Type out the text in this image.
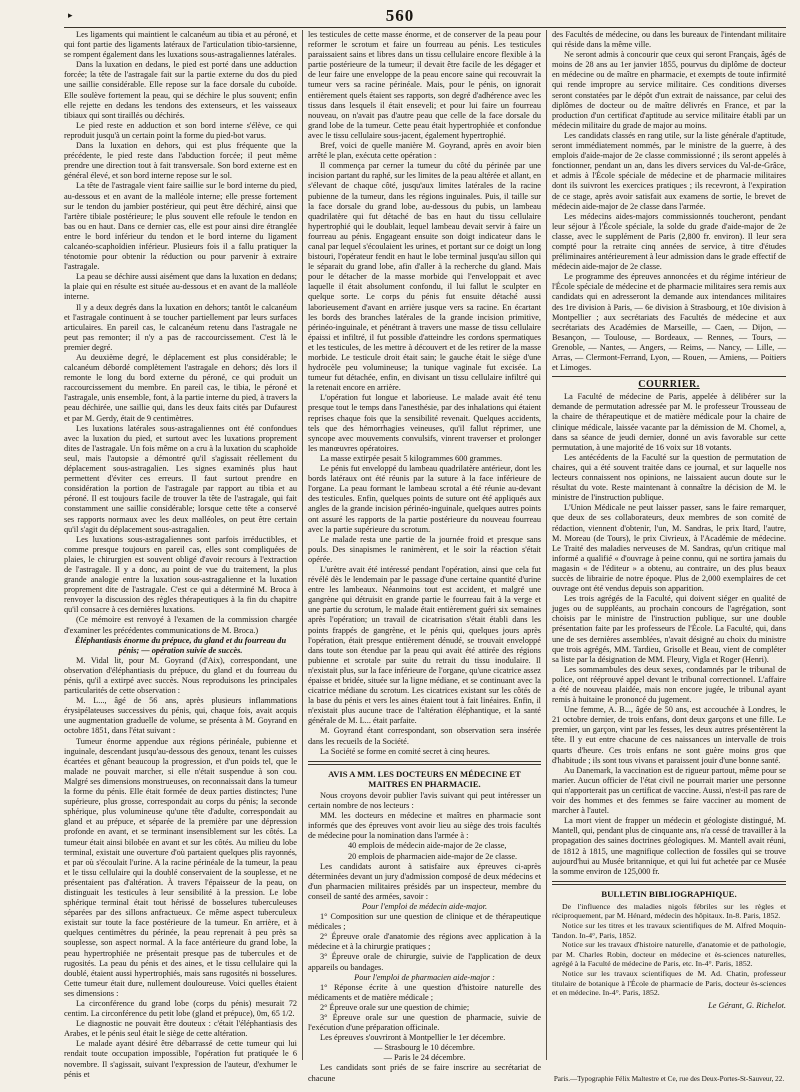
▸	560

Les ligaments qui maintient le calcanéum au tibia et au péroné, et qui font partie des ligaments latéraux de l'articulation tibio-tarsienne, se rompent également dans les luxations sous-astragaliennes latérales.

Dans la luxation en dedans, le pied est porté dans une adduction forcée; la tête de l'astragale fait sur la partie externe du dos du pied une saillie considérable. Elle repose sur la face dorsale du cuboïde. Elle soulève fortement la peau, qui se déchire le plus souvent; enfin elle rejette en dedans les tendons des extenseurs, et les vaisseaux tibiaux qui sont tiraillés ou déchirés.

Le pied reste en adduction et son bord interne s'élève, ce qui reproduit jusqu'à un certain point la forme du pied-bot varus.

Dans la luxation en dehors, qui est plus fréquente que la précédente, le pied reste dans l'abduction forcée; il peut même prendre une direction tout à fait transversale. Son bord externe est en général élevé, et son bord interne repose sur le sol.

La tête de l'astragale vient faire saillie sur le bord interne du pied, au-dessous et en avant de la malléole interne; elle presse fortement sur le tendon du jambier postérieur, qui peut être déchiré, ainsi que l'artère tibiale postérieure; le plus souvent elle refoule le tendon en bas ou en haut. Dans ce dernier cas, elle est pour ainsi dire étranglée entre le bord inférieur du tendon et le bord interne du ligament calcanéo-scaphoïdien inférieur. Plusieurs fois il a fallu pratiquer la ténotomie pour obtenir la réduction ou pour parvenir à extraire l'astragale.

La peau se déchire aussi aisément que dans la luxation en dedans; la plaie qui en résulte est située au-dessous et en avant de la malléole interne.

Il y a deux degrés dans la luxation en dehors; tantôt le calcanéum et l'astragale continuent à se toucher partiellement par leurs surfaces articulaires. En pareil cas, le calcanéum retenu dans l'astragale ne peut pas remonter; il n'y a pas de raccourcissement. C'est là le premier degré.

Au deuxième degré, le déplacement est plus considérable; le calcanéum débordé complètement l'astragale en dehors; dès lors il remonte le long du bord externe du péroné, ce qui produit un raccourcissement du membre. En pareil cas, le tibia, le péroné et l'astragale, unis ensemble, font, à la partie interne du pied, à travers la peau déchirée, une saillie qui, dans les deux faits cités par Dufaurest et par M. Gerdy, était de 9 centimètres.

Les luxations latérales sous-astragaliennes ont été confondues avec la luxation du pied, et surtout avec les luxations proprement dites de l'astragale. Un fois même on a cru à la luxation du scaphoïde seul, mais l'autopsie a démontré qu'il s'agissait réellement du déplacement sous-astragalien. Les signes examinés plus haut permettent d'éviter ces erreurs. Il faut surtout prendre en considération la portion de l'astragale par rapport au tibia et au péroné. Il est toujours facile de trouver la tête de l'astragale, qui fait constamment une saillie considérable; lorsque cette tête a conservé ses rapports normaux avec les deux malléoles, on peut être certain qu'il s'agit du déplacement sous-astragalien.

Les luxations sous-astragaliennes sont parfois irréductibles, et comme presque toujours en pareil cas, elles sont compliquées de plaies, le chirurgien est souvent obligé d'avoir recours à l'extraction de l'astragale. Il y a donc, au point de vue du traitement, la plus grande analogie entre la luxation sous-astragalienne et la luxation proprement dite de l'astragale. C'est ce qui a déterminé M. Broca à renvoyer la discussion des règles thérapeutiques à la fin du chapitre qu'il consacre à ces dernières luxations.

(Ce mémoire est renvoyé à l'examen de la commission chargée d'examiner les précédentes communications de M. Broca.)

Éléphantiasis énorme du prépuce, du gland et du fourreau du pénis; — opération suivie de succès.

M. Vidal lit, pour M. Goyrand (d'Aix), correspondant, une observation d'éléphantiasis du prépuce, du gland et du fourreau du pénis, qu'il a extirpé avec succès. Nous reproduisons les principales particularités de cette observation :

M. L..., âgé de 56 ans, après plusieurs inflammations érysipélateuses successives du pénis, qui, chaque fois, avait acquis une augmentation graduelle de volume, se présenta à M. Goyrand en octobre 1851, dans l'état suivant :

Tumeur énorme appendue aux régions périnéale, pubienne et inguinale, descendant jusqu'au-dessous des genoux, tenant les cuisses écartées et gênant beaucoup la progression, et d'un poids tel, que le malade ne pouvait marcher, si elle n'était suspendue à son cou. Malgré ses dimensions monstrueuses, on reconnaissait dans la tumeur la forme du pénis. Elle était formée de deux parties distinctes; l'une supérieure, plus grosse, correspondait au corps du pénis; la seconde sphérique, plus volumineuse qu'une tête d'adulte, correspondait au gland et au prépuce, et séparée de la première par une dépression profonde en avant, et se terminant insensiblement sur les côtés. La tumeur était ainsi bilobée en avant et sur les côtés. Au milieu du lobe terminal, existait une ouverture d'où partaient quelques plis rayonnés, et par où s'écoulait l'urine. A la racine périnéale de la tumeur, la peau et le tissu cellulaire qui la doublé conservaient de la souplesse, et ne présentaient pas d'altération. À travers l'épaisseur de la peau, on distinguait les testicules à leur sensibilité à la pression. Le lobe sphérique terminal était tout hérissé de bosselures tuberculeuses séparées par des sillons anfractueux. Ce même aspect tuberculeux existait sur toute la face postérieure de la tumeur. En arrière, et à quelques centimètres du périnée, la peau reprenait à peu près sa souplesse, son aspect normal. A la face antérieure du grand lobe, la peau hypertrophiée ne présentait presque pas de tubercules et de rugosités. La peau du pénis et des aines, et le tissu cellulaire qui la doublé, étaient aussi hypertrophiés, mais sans rugosités ni bosselures. Cette tumeur était dure, nullement douloureuse. Voici quelles étaient ses dimensions :

La circonférence du grand lobe (corps du pénis) mesurait 72 centim. La circonférence du petit lobe (gland et prépuce), 0m, 65 1/2.

Le diagnostic ne pouvait être douteux : c'était l'éléphantiasis des Arabes, et le pénis seul était le siège de cette altération.

Le malade ayant désiré être débarrassé de cette tumeur qui lui rendait toute occupation impossible, l'opération fut pratiquée le 6 novembre. Il s'agissait, suivant l'expression de l'auteur, d'exhumer le pénis et

les testicules de cette masse énorme, et de conserver de la peau pour reformer le scrotum et faire un fourreau au pénis. Les testicules paraissaient sains et libres dans un tissu cellulaire encore flexible à la partie postérieure de la tumeur; il devait être facile de les dégager et de leur faire une enveloppe de la peau encore saine qui recouvrait la tumeur vers sa racine périnéale. Mais, pour le pénis, on ignorait entièrement quels étaient ses rapports, son degré d'adhérence avec les tissus dans lesquels il était enseveli; et pour lui faire un fourreau nouveau, on n'avait pas d'autre peau que celle de la face dorsale du grand lobe de la tumeur. Cette peau était hypertrophiée et confondue avec le tissu cellulaire sous-jacent, également hypertrophié.

Bref, voici de quelle manière M. Goyrand, après en avoir bien arrêté le plan, exécuta cette opération :

Il commença par cerner la tumeur du côté du périnée par une incision partant du raphé, sur les limites de la peau altérée et allant, en s'élevant de chaque côté, jusqu'aux limites latérales de la racine pubienne de la tumeur, dans les régions inguinales. Puis, il taille sur la face dorsale du grand lobe, au-dessous du pubis, un lambeau quadrilatère qui fut détaché de bas en haut du tissu cellulaire hypertrophié qui le doublait, lequel lambeau devait servir à faire un fourreau au pénis. Engageant ensuite son doigt indicateur dans le canal par lequel s'écoulaient les urines, et portant sur ce doigt un long bistouri, l'opérateur fendit en haut le lobe terminal jusqu'au sillon qui le séparait du grand lobe, afin d'aller à la recherche du gland. Mais pour le détacher de la masse morbide qui l'enveloppait et avec laquelle il était absolument confondu, il lui fallut le sculpter en quelque sorte. Le corps du pénis fut ensuite détaché aussi laborieusement d'avant en arrière jusque vers sa racine. En écartant les bords des branches latérales de la grande incision primitive, périnéo-inguinale, et pénétrant à travers une masse de tissu cellulaire épaissi et infiltré, il fut possible d'atteindre les cordons spermatiques et les testicules, de les mettre à découvert et de les retirer de la masse morbide. Le testicule droit était sain; le gauche était le siège d'une hydrocèle peu volumineuse; la tunique vaginale fut excisée. La tumeur fut détachée, enfin, en divisant un tissu cellulaire infiltré qui la retenait encore en arrière.

L'opération fut longue et laborieuse. Le malade avait été tenu presque tout le temps dans l'anesthésie, par des inhalations qui étaient reprises chaque fois que la sensibilité revenait. Quelques accidents, tels que des hémorrhagies veineuses, qu'il fallut réprimer, une syncope avec mouvements convulsifs, vinrent traverser et prolonger les manœuvres opératoires.

La masse extirpée pesait 5 kilogrammes 600 grammes.

Le pénis fut enveloppé du lambeau quadrilatère antérieur, dont les bords latéraux ont été réunis par la suture à la face inférieure de l'organe. La peau formant le lambeau scrotal a été réunie au-devant des testicules. Enfin, quelques points de suture ont été appliqués aux angles de la grande incision périnéo-inguinale, quelques autres points ont assuré les rapports de la partie postérieure du nouveau fourreau avec la partie supérieure du scrotum.

Le malade resta une partie de la journée froid et presque sans pouls. Des sinapismes le ranimèrent, et le soir la réaction s'était opérée.

L'urètre avait été intéressé pendant l'opération, ainsi que cela fut révélé dès le lendemain par le passage d'une certaine quantité d'urine entre les lambeaux. Néanmoins tout est accident, et malgré une gangrène qui détruisit en grande partie le fourreau fait à la verge et une partie du scrotum, le malade était entièrement guéri six semaines après l'opération; un travail de cicatrisation s'était établi dans les points frappés de gangrène, et le pénis qui, quelques jours après l'opération, était presque entièrement dénudé, se trouvait enveloppé dans toute son étendue par la peau qui avait été attirée des régions pubienne et scrotale par suite du retrait du tissu inodulaire. Il n'existait plus, sur la face inférieure de l'organe, qu'une cicatrice assez épaisse et bridée, située sur la ligne médiane, et se continuant avec la cicatrice médiane du scrotum. Les cicatrices existant sur les côtés de la base du pénis et vers les aines étaient tout à fait linéaires. Enfin, il n'existait plus aucune trace de l'altération éléphantique, et la santé générale de M. L... était parfaite.

M. Goyrand étant correspondant, son observation sera insérée dans les recueils de la Société.

La Société se forme en comité secret à cinq heures.

AVIS A MM. LES DOCTEURS EN MÉDECINE ET MAITRES EN PHARMACIE.

Nous croyons devoir publier l'avis suivant qui peut intéresser un certain nombre de nos lecteurs :

MM. les docteurs en médecine et maîtres en pharmacie sont informés que des épreuves vont avoir lieu au siège des trois facultés de médecine pour la nomination dans l'armée à :

40 emplois de médecin aide-major de 2e classe,

20 emplois de pharmacien aide-major de 2e classe.

Les candidats auront à satisfaire aux épreuves ci-après déterminées devant un jury d'admission composé de deux médecins et d'un pharmacien militaires présidés par un inspecteur, membre du conseil de santé des armées, savoir :

Pour l'emploi de médecin aide-major.

1° Composition sur une question de clinique et de thérapeutique médicales ;

2° Épreuve orale d'anatomie des régions avec application à la médecine et à la chirurgie pratiques ;

3° Épreuve orale de chirurgie, suivie de l'application de deux appareils ou bandages.

Pour l'emploi de pharmacien aide-major :

1° Réponse écrite à une question d'histoire naturelle des médicaments et de matière médicale ;

2° Épreuve orale sur une question de chimie;

3° Épreuve orale sur une question de pharmacie, suivie de l'exécution d'une préparation officinale.

Les épreuves s'ouvriront à Montpellier le 1er décembre.

— Strasbourg le 10 décembre.

— Paris le 24 décembre.

Les candidats sont priés de se faire inscrire au secrétariat de chacune

des Facultés de médecine, ou dans les bureaux de l'intendant militaire qui réside dans la même ville.

Ne seront admis à concourir que ceux qui seront Français, âgés de moins de 28 ans au 1er janvier 1855, pourvus du diplôme de docteur en médecine ou de maître en pharmacie, et exempts de toute infirmité qui rende impropre au service militaire. Ces conditions diverses seront constatées par le dépôt d'un extrait de naissance, par celui des diplômes de docteur ou de maître délivrés en France, et par la production d'un certificat d'aptitude au service militaire établi par un médecin militaire du grade de major au moins.

Les candidats classés en rang utile, sur la liste générale d'aptitude, seront immédiatement nommés, par le ministre de la guerre, à des emplois d'aide-major de 2e classe commissionné ; ils seront appelés à fonctionner, pendant un an, dans les divers services du Val-de-Grâce, et admis à l'École spéciale de médecine et de pharmacie militaires dont ils suivront les exercices pratiques ; ils recevront, à l'expiration de ce stage, après avoir satisfait aux examens de sortie, le brevet de médecin aide-major de 2e classe dans l'armée.

Les médecins aides-majors commissionnés toucheront, pendant leur séjour à l'École spéciale, la solde du grade d'aide-major de 2e classe, avec le supplément de Paris (2,800 fr. environ). Il leur sera compté pour la retraite cinq années de service, à titre d'études préliminaires antérieurement à leur admission dans le grade effectif de médecin aide-major de 2e classe.

Le programme des épreuves annoncées et du régime intérieur de l'École spéciale de médecine et de pharmacie militaires sera remis aux candidats qui en adresseront la demande aux intendances militaires des 1re division à Paris, — 6e division à Strasbourg, et 10e division à Montpellier ; aux secrétariats des Facultés de médecine et aux secrétariats des Académies de Marseille, — Caen, — Dijon, — Besançon, — Toulouse, — Bordeaux, — Rennes, — Tours, — Grenoble, — Nantes, — Angers, — Reims, — Nancy, — Lille, — Arras, — Clermont-Ferrand, Lyon, — Rouen, — Amiens, — Poitiers et Limoges.

COURRIER.

La Faculté de médecine de Paris, appelée à délibérer sur la demande de permutation adressée par M. le professeur Trousseau de la chaire de thérapeutique et de matière médicale pour la chaire de clinique médicale, laissée vacante par la démission de M. Chomel, a, dans sa séance de jeudi dernier, donné un avis favorable sur cette permutation, à une majorité de 16 voix sur 18 votants.

Les antécédents de la Faculté sur la question de permutation de chaires, qui a été souvent traitée dans ce journal, et sur laquelle nos lecteurs connaissent nos opinions, ne laissaient aucun doute sur le résultat du vote. Reste maintenant à connaître la décision de M. le ministre de l'instruction publique.

L'Union Médicale ne peut laisser passer, sans le faire remarquer, que deux de ses collaborateurs, deux membres de son comité de rédaction, viennent d'obtenir, l'un, M. Sandras, le prix Itard, l'autre, M. Moreau (de Tours), le prix Civrieux, à l'Académie de médecine. Le Traité des maladies nerveuses de M. Sandras, qu'un critique mal informé a qualifié « d'ouvrage à peine connu, qui ne sortira jamais du magasin « de l'éditeur » a obtenu, au contraire, un des plus beaux succès de librairie de notre époque. Plus de 2,000 exemplaires de cet ouvrage ont été vendus depuis son apparition.

Les trois agrégés de la Faculté, qui doivent siéger en qualité de juges ou de suppléants, au prochain concours de l'agrégation, sont choisis par le ministre de l'instruction publique, sur une double présentation faite par les professeurs de l'École. La Faculté, qui, dans une de ses dernières assemblées, n'avait désigné au choix du ministre que trois agrégés, MM. Tardieu, Grisolle et Beau, vient de compléter sa liste par la désignation de MM. Fleury, Vigla et Roger (Henri).

Les sommambules des deux sexes, condamnés par le tribunal de police, ont rééprouvé appel devant le tribunal correctionnel. L'affaire a été de nouveau plaidée, mais non encore jugée, le tribunal ayant remis à huitaine le prononcé du jugement.

Une femme, A. B..., âgée de 50 ans, est accouchée à Londres, le 21 octobre dernier, de trois enfans, dont deux garçons et une fille. Le premier, un garçon, vint par les fesses, les deux autres présentèrent la tête. Il y eut entre chacune de ces naissances un intervalle de trois quarts d'heure. Ces trois enfans ne sont guère moins gros que d'habitude ; ils sont tous vivans et paraissent jouir d'une bonne santé.

Au Danemark, la vaccination est de rigueur partout, même pour se marier. Aucun officier de l'état civil ne pourrait marier une personne qui n'apporterait pas un certificat de vaccine. Aussi, n'est-il pas rare de voir des hommes et des femmes se faire vacciner au moment de marcher à l'autel.

La mort vient de frapper un médecin et géologiste distingué, M. Mantell, qui, pendant plus de cinquante ans, n'a cessé de travailler à la propagation des saines doctrines géologiques. M. Mantell avait réuni, de 1812 à 1815, une magnifique collection de fossiles qui se trouve aujourd'hui au Musée britannique, et qui lui fut achetée par ce Musée la somme environ de 125,000 fr.

BULLETIN BIBLIOGRAPHIQUE.

De l'influence des maladies nigoïs fébriles sur les règles et réciproquement, par M. Hénard, médecin des hôpitaux. In-8. Paris, 1852.

Notice sur les titres et les travaux scientifiques de M. Alfred Moquin-Tandon. In-4°, Paris, 1852.

Notice sur les travaux d'histoire naturelle, d'anatomie et de pathologie, par M. Charles Robin, docteur en médecine et ès-sciences naturelles, agrégé à la Faculté de médecine de Paris, etc. In-4°. Paris, 1852.

Notice sur les travaux scientifiques de M. Ad. Chatin, professeur titulaire de botanique à l'École de pharmacie de Paris, docteur ès-sciences et en médecine. In-4°. Paris, 1852.

Le Gérant, G. Richelot.

Paris.—Typographie Félix Maltestre et Ce, rue des Deux-Portes-St-Sauveur, 22.
